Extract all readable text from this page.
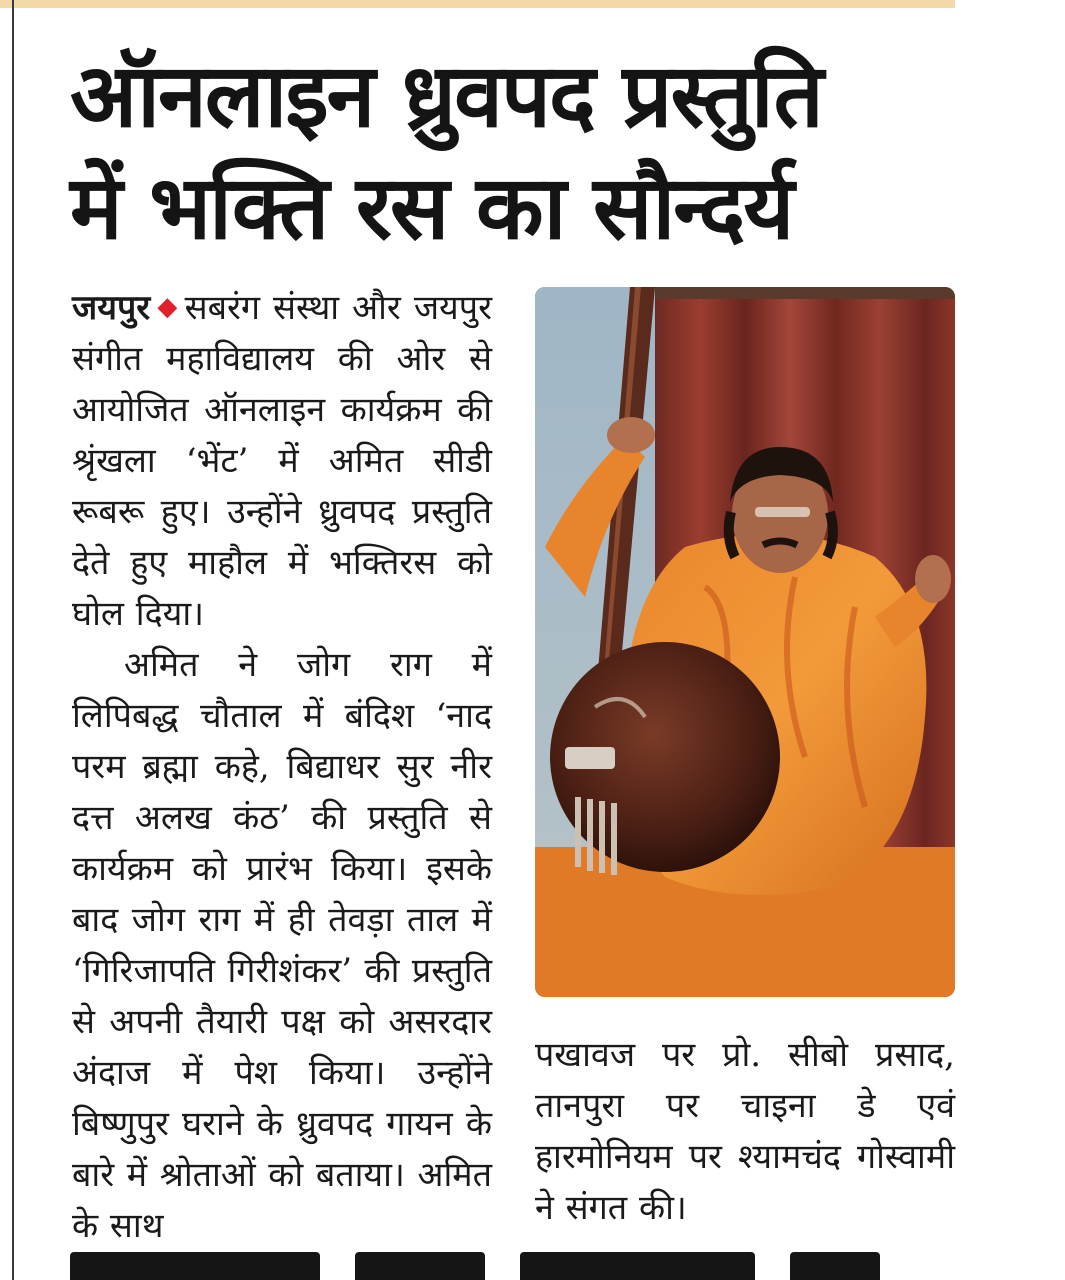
ऑनलाइन ध्रुवपद प्रस्तुति
में भक्ति रस का सौन्दर्य

जयपुर ◆ सबरंग संस्था और जयपुर संगीत महाविद्यालय की ओर से आयोजित ऑनलाइन कार्यक्रम की श्रृंखला ‘भेंट’ में अमित सीडी रूबरू हुए। उन्होंने ध्रुवपद प्रस्तुति देते हुए माहौल में भक्तिरस को घोल दिया।

अमित ने जोग राग में लिपिबद्ध चौताल में बंदिश ‘नाद परम ब्रह्मा कहे, बिद्याधर सुर नीर दत्त अलख कंठ’ की प्रस्तुति से कार्यक्रम को प्रारंभ किया। इसके बाद जोग राग में ही तेवड़ा ताल में ‘गिरिजापति गिरीशंकर’ की प्रस्तुति से अपनी तैयारी पक्ष को असरदार अंदाज में पेश किया। उन्होंने बिष्णुपुर घराने के ध्रुवपद गायन के बारे में श्रोताओं को बताया। अमित के साथ

पखावज पर प्रो. सीबो प्रसाद, तानपुरा पर चाइना डे एवं हारमोनियम पर श्यामचंद गोस्वामी ने संगत की।
